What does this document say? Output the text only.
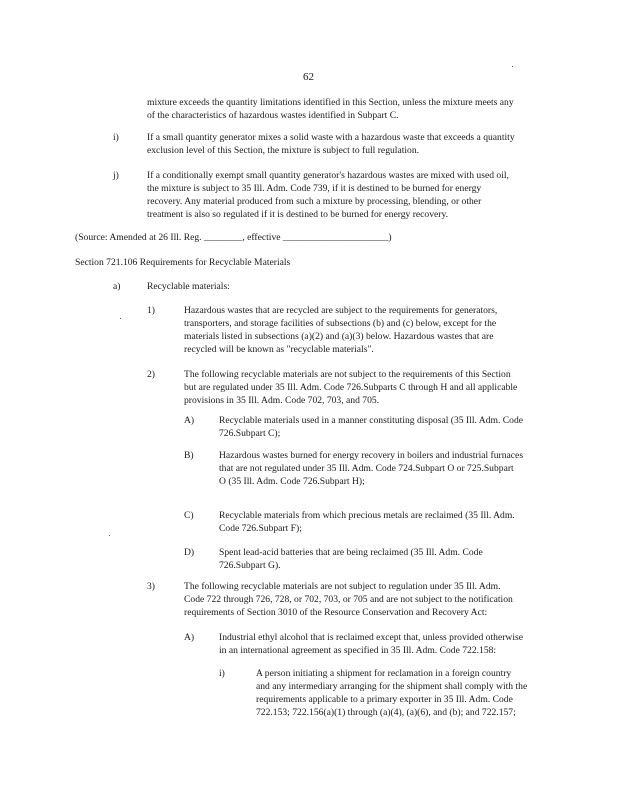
62
mixture exceeds the quantity limitations identified in this Section, unless the mixture meets any
of the characteristics of hazardous wastes identified in Subpart C.
i)	If a small quantity generator mixes a solid waste with a hazardous waste that exceeds a quantity
exclusion level of this Section, the mixture is subject to full regulation.
j)	If a conditionally exempt small quantity generator's hazardous wastes are mixed with used oil,
the mixture is subject to 35 Ill. Adm. Code 739, if it is destined to be burned for energy
recovery. Any material produced from such a mixture by processing, blending, or other
treatment is also so regulated if it is destined to be burned for energy recovery.
(Source: Amended at 26 Ill. Reg. ________, effective ______________________)
Section 721.106 Requirements for Recyclable Materials
a)	Recyclable materials:
1)	Hazardous wastes that are recycled are subject to the requirements for generators,
transporters, and storage facilities of subsections (b) and (c) below, except for the
materials listed in subsections (a)(2) and (a)(3) below. Hazardous wastes that are
recycled will be known as "recyclable materials".
2)	The following recyclable materials are not subject to the requirements of this Section
but are regulated under 35 Ill. Adm. Code 726.Subparts C through H and all applicable
provisions in 35 Ill. Adm. Code 702, 703, and 705.
A)	Recyclable materials used in a manner constituting disposal (35 Ill. Adm. Code
726.Subpart C);
B)	Hazardous wastes burned for energy recovery in boilers and industrial furnaces
that are not regulated under 35 Ill. Adm. Code 724.Subpart O or 725.Subpart
O (35 Ill. Adm. Code 726.Subpart H);
C)	Recyclable materials from which precious metals are reclaimed (35 Ill. Adm.
Code 726.Subpart F);
D)	Spent lead-acid batteries that are being reclaimed (35 Ill. Adm. Code
726.Subpart G).
3)	The following recyclable materials are not subject to regulation under 35 Ill. Adm.
Code 722 through 726, 728, or 702, 703, or 705 and are not subject to the notification
requirements of Section 3010 of the Resource Conservation and Recovery Act:
A)	Industrial ethyl alcohol that is reclaimed except that, unless provided otherwise
in an international agreement as specified in 35 Ill. Adm. Code 722.158:
i)	A person initiating a shipment for reclamation in a foreign country
and any intermediary arranging for the shipment shall comply with the
requirements applicable to a primary exporter in 35 Ill. Adm. Code
722.153; 722.156(a)(1) through (a)(4), (a)(6), and (b); and 722.157;
